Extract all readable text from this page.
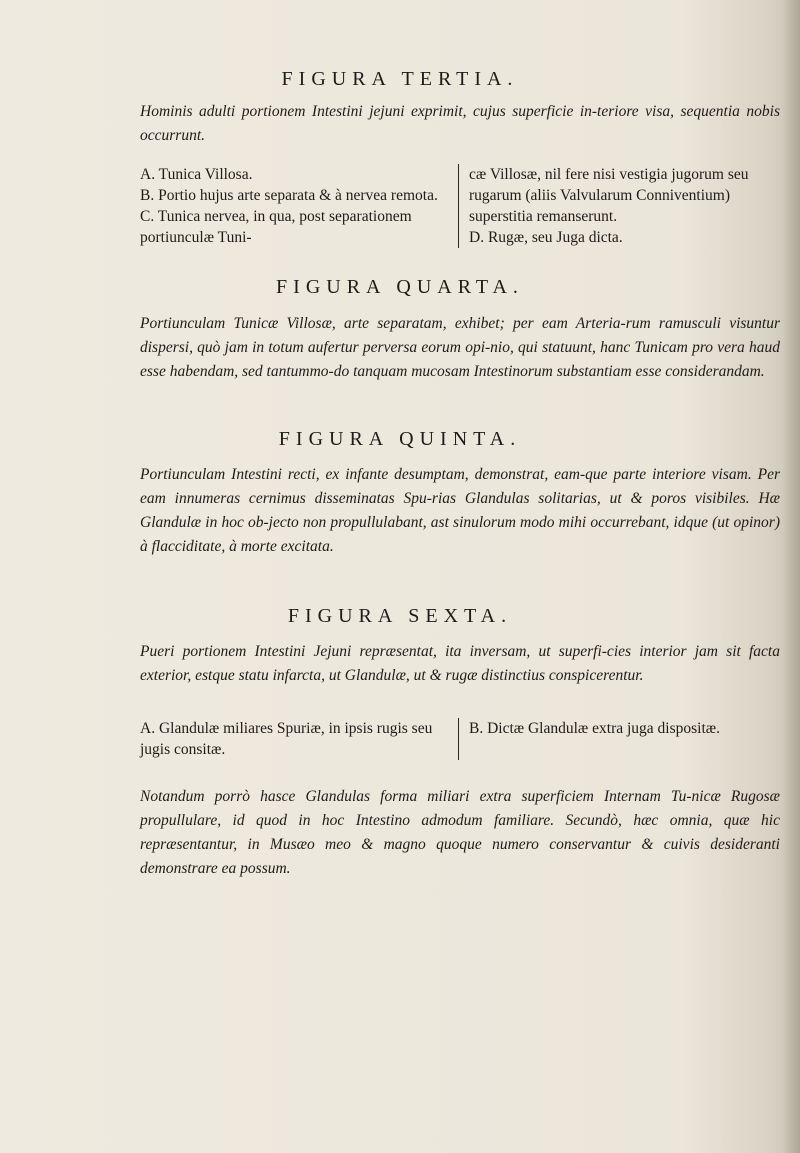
FIGURA TERTIA.

Hominis adulti portionem Intestini jejuni exprimit, cujus superficie in-teriore visa, sequentia nobis occurrunt.

A. Tunica Villosa.

B. Portio hujus arte separata & à nervea remota.

C. Tunica nervea, in qua, post separationem portiunculæ Tuni-

cæ Villosæ, nil fere nisi vestigia jugorum seu rugarum (aliis Valvularum Conniventium) superstitia remanserunt.

D. Rugæ, seu Juga dicta.

FIGURA QUARTA.

Portiunculam Tunicæ Villosæ, arte separatam, exhibet; per eam Arteria-rum ramusculi visuntur dispersi, quò jam in totum aufertur perversa eorum opi-nio, qui statuunt, hanc Tunicam pro vera haud esse habendam, sed tantummo-do tanquam mucosam Intestinorum substantiam esse considerandam.

FIGURA QUINTA.

Portiunculam Intestini recti, ex infante desumptam, demonstrat, eam-que parte interiore visam. Per eam innumeras cernimus disseminatas Spu-rias Glandulas solitarias, ut & poros visibiles. Hæ Glandulæ in hoc ob-jecto non propullulabant, ast sinulorum modo mihi occurrebant, idque (ut opinor) à flacciditate, à morte excitata.

FIGURA SEXTA.

Pueri portionem Intestini Jejuni repræsentat, ita inversam, ut superfi-cies interior jam sit facta exterior, estque statu infarcta, ut Glandulæ, ut & rugæ distinctius conspicerentur.

A. Glandulæ miliares Spuriæ, in ipsis rugis seu jugis consitæ.

B. Dictæ Glandulæ extra juga dispositæ.

Notandum porrò hasce Glandulas forma miliari extra superficiem Internam Tu-nicæ Rugosæ propullulare, id quod in hoc Intestino admodum familiare. Secundò, hæc omnia, quæ hic repræsentantur, in Musæo meo & magno quoque numero conservantur & cuivis desideranti demonstrare ea possum.
